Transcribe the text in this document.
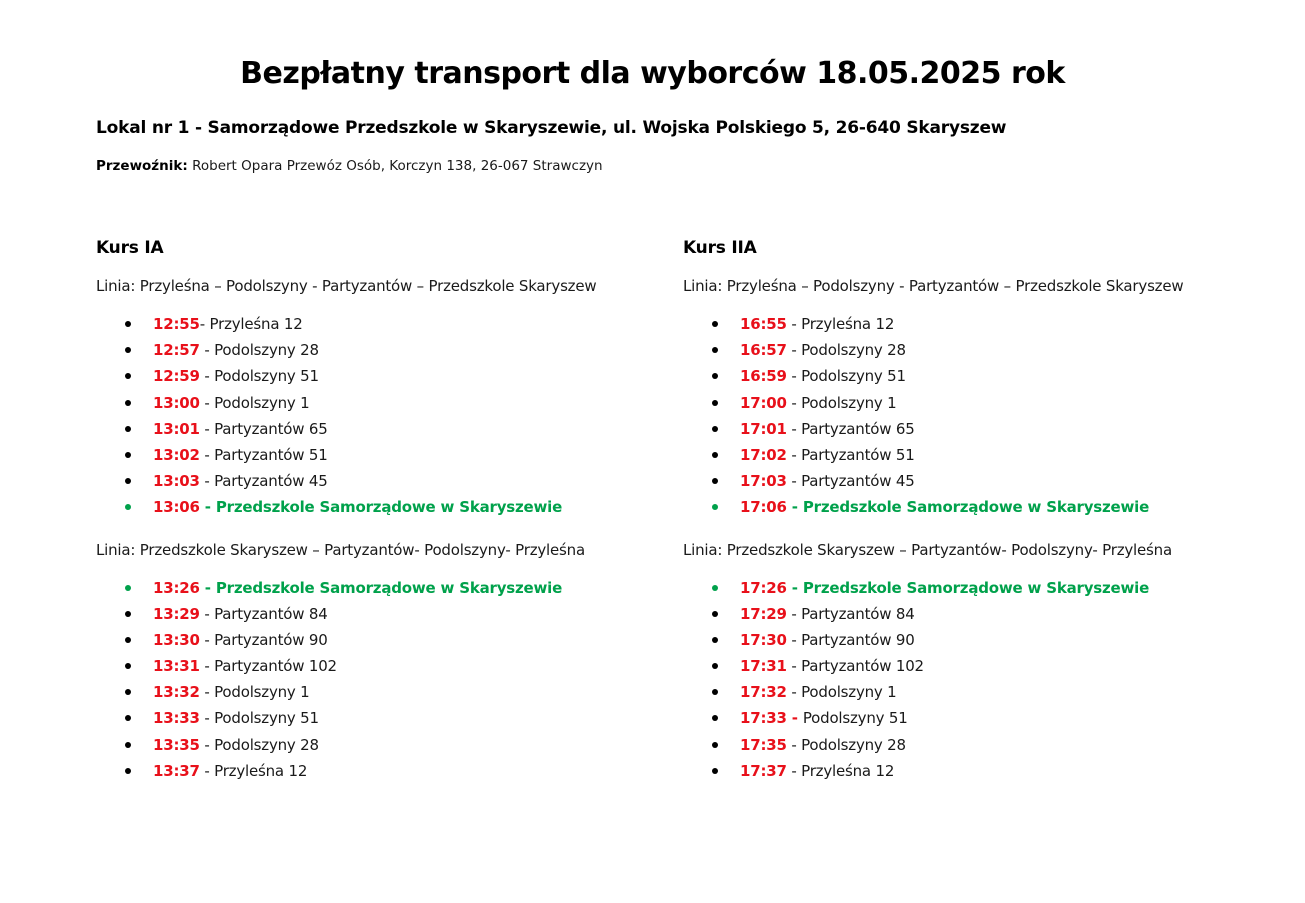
Bezpłatny transport dla wyborców 18.05.2025 rok
Lokal nr 1 - Samorządowe Przedszkole w Skaryszewie, ul. Wojska Polskiego 5, 26-640 Skaryszew
Przewoźnik: Robert Opara Przewóz Osób, Korczyn 138, 26-067 Strawczyn
Kurs IA
Linia: Przyleśna – Podolszyny - Partyzantów – Przedszkole Skaryszew
12:55- Przyleśna 12
12:57 - Podolszyny 28
12:59 - Podolszyny 51
13:00 - Podolszyny 1
13:01 - Partyzantów 65
13:02 - Partyzantów 51
13:03 - Partyzantów 45
13:06 - Przedszkole Samorządowe w Skaryszewie
Linia: Przedszkole Skaryszew – Partyzantów- Podolszyny- Przyleśna
13:26 - Przedszkole Samorządowe w Skaryszewie
13:29 - Partyzantów 84
13:30 - Partyzantów 90
13:31 - Partyzantów 102
13:32 - Podolszyny 1
13:33 - Podolszyny 51
13:35 - Podolszyny 28
13:37 - Przyleśna 12
Kurs IIA
Linia: Przyleśna – Podolszyny - Partyzantów – Przedszkole Skaryszew
16:55 - Przyleśna 12
16:57 - Podolszyny 28
16:59 - Podolszyny 51
17:00 - Podolszyny 1
17:01 - Partyzantów 65
17:02 - Partyzantów 51
17:03 - Partyzantów 45
17:06 - Przedszkole Samorządowe w Skaryszewie
Linia: Przedszkole Skaryszew – Partyzantów- Podolszyny- Przyleśna
17:26 - Przedszkole Samorządowe w Skaryszewie
17:29 - Partyzantów 84
17:30 - Partyzantów 90
17:31 - Partyzantów 102
17:32 - Podolszyny 1
17:33 - Podolszyny 51
17:35 - Podolszyny 28
17:37 - Przyleśna 12
